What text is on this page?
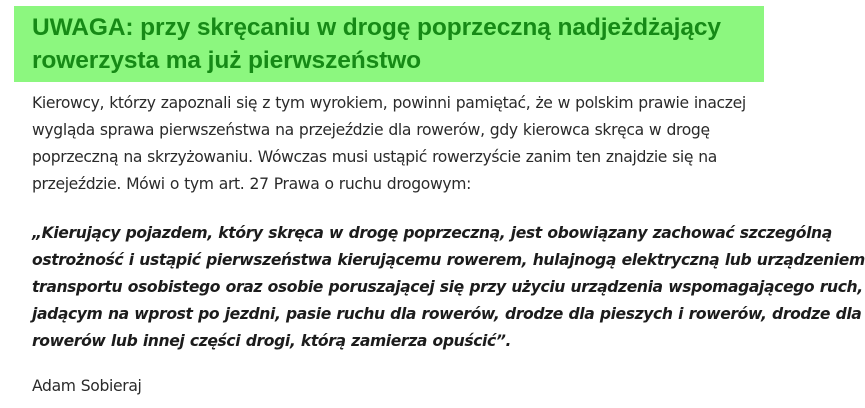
UWAGA: przy skręcaniu w drogę poprzeczną nadjeżdżający
rowerzysta ma już pierwszeństwo

Kierowcy, którzy zapoznali się z tym wyrokiem, powinni pamiętać, że w polskim prawie inaczej
wygląda sprawa pierwszeństwa na przejeździe dla rowerów, gdy kierowca skręca w drogę
poprzeczną na skrzyżowaniu. Wówczas musi ustąpić rowerzyście zanim ten znajdzie się na
przejeździe. Mówi o tym art. 27 Prawa o ruchu drogowym:

„Kierujący pojazdem, który skręca w drogę poprzeczną, jest obowiązany zachować szczególną
ostrożność i ustąpić pierwszeństwa kierującemu rowerem, hulajnogą elektryczną lub urządzeniem
transportu osobistego oraz osobie poruszającej się przy użyciu urządzenia wspomagającego ruch,
jadącym na wprost po jezdni, pasie ruchu dla rowerów, drodze dla pieszych i rowerów, drodze dla
rowerów lub innej części drogi, którą zamierza opuścić”.

Adam Sobieraj
